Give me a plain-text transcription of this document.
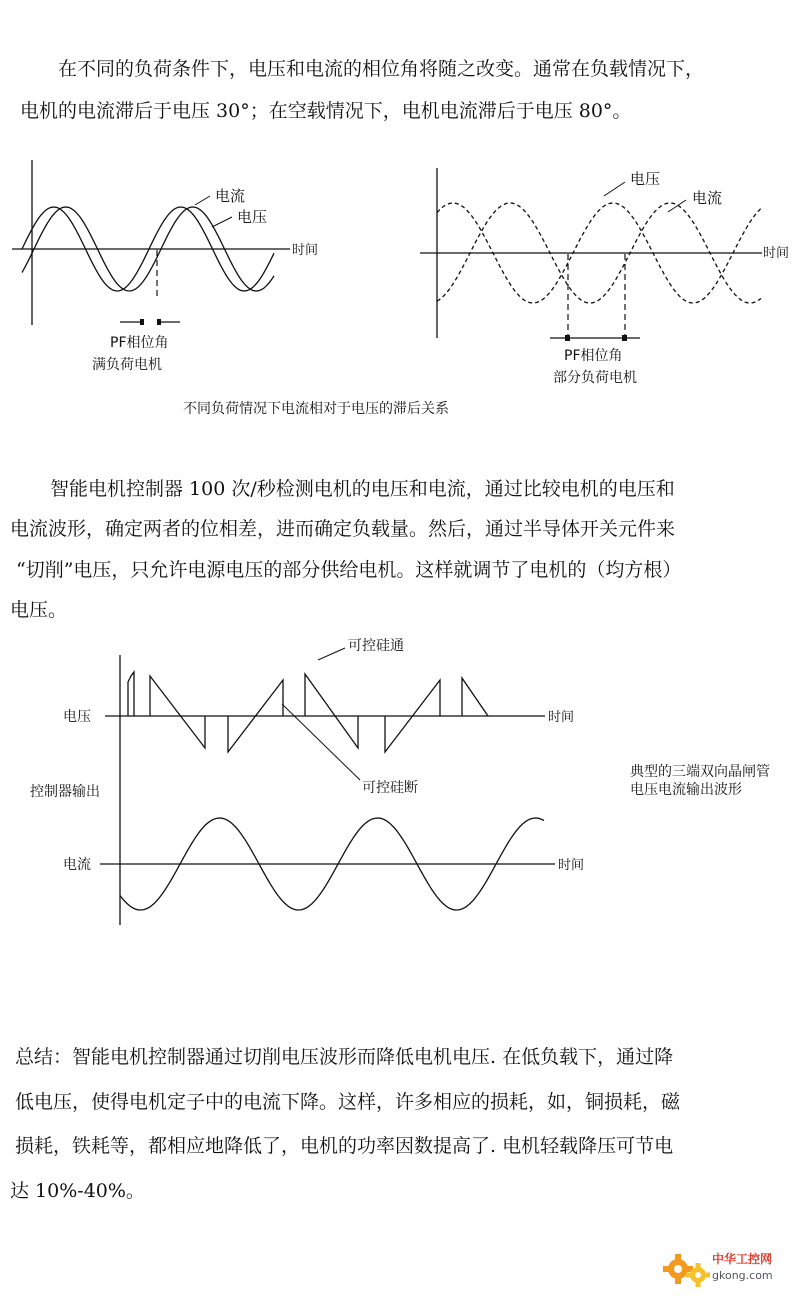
在不同的负荷条件下，电压和电流的相位角将随之改变。通常在负载情况下，
电机的电流滞后于电压 30°；在空载情况下，电机电流滞后于电压 80°。
电流
电压
时间
PF相位角
满负荷电机
电压
电流
时间
PF相位角
部分负荷电机
不同负荷情况下电流相对于电压的滞后关系
智能电机控制器 100 次/秒检测电机的电压和电流，通过比较电机的电压和
电流波形，确定两者的位相差，进而确定负载量。然后，通过半导体开关元件来
“切削”电压，只允许电源电压的部分供给电机。这样就调节了电机的（均方根）
电压。
可控硅通
电压	时间
可控硅断
控制器输出
电流	时间
典型的三端双向晶闸管
电压电流输出波形
总结：智能电机控制器通过切削电压波形而降低电机电压. 在低负载下，通过降
低电压，使得电机定子中的电流下降。这样，许多相应的损耗，如，铜损耗，磁
损耗，铁耗等，都相应地降低了，电机的功率因数提高了. 电机轻载降压可节电
达 10%-40%。
中华工控网
gkong.com
